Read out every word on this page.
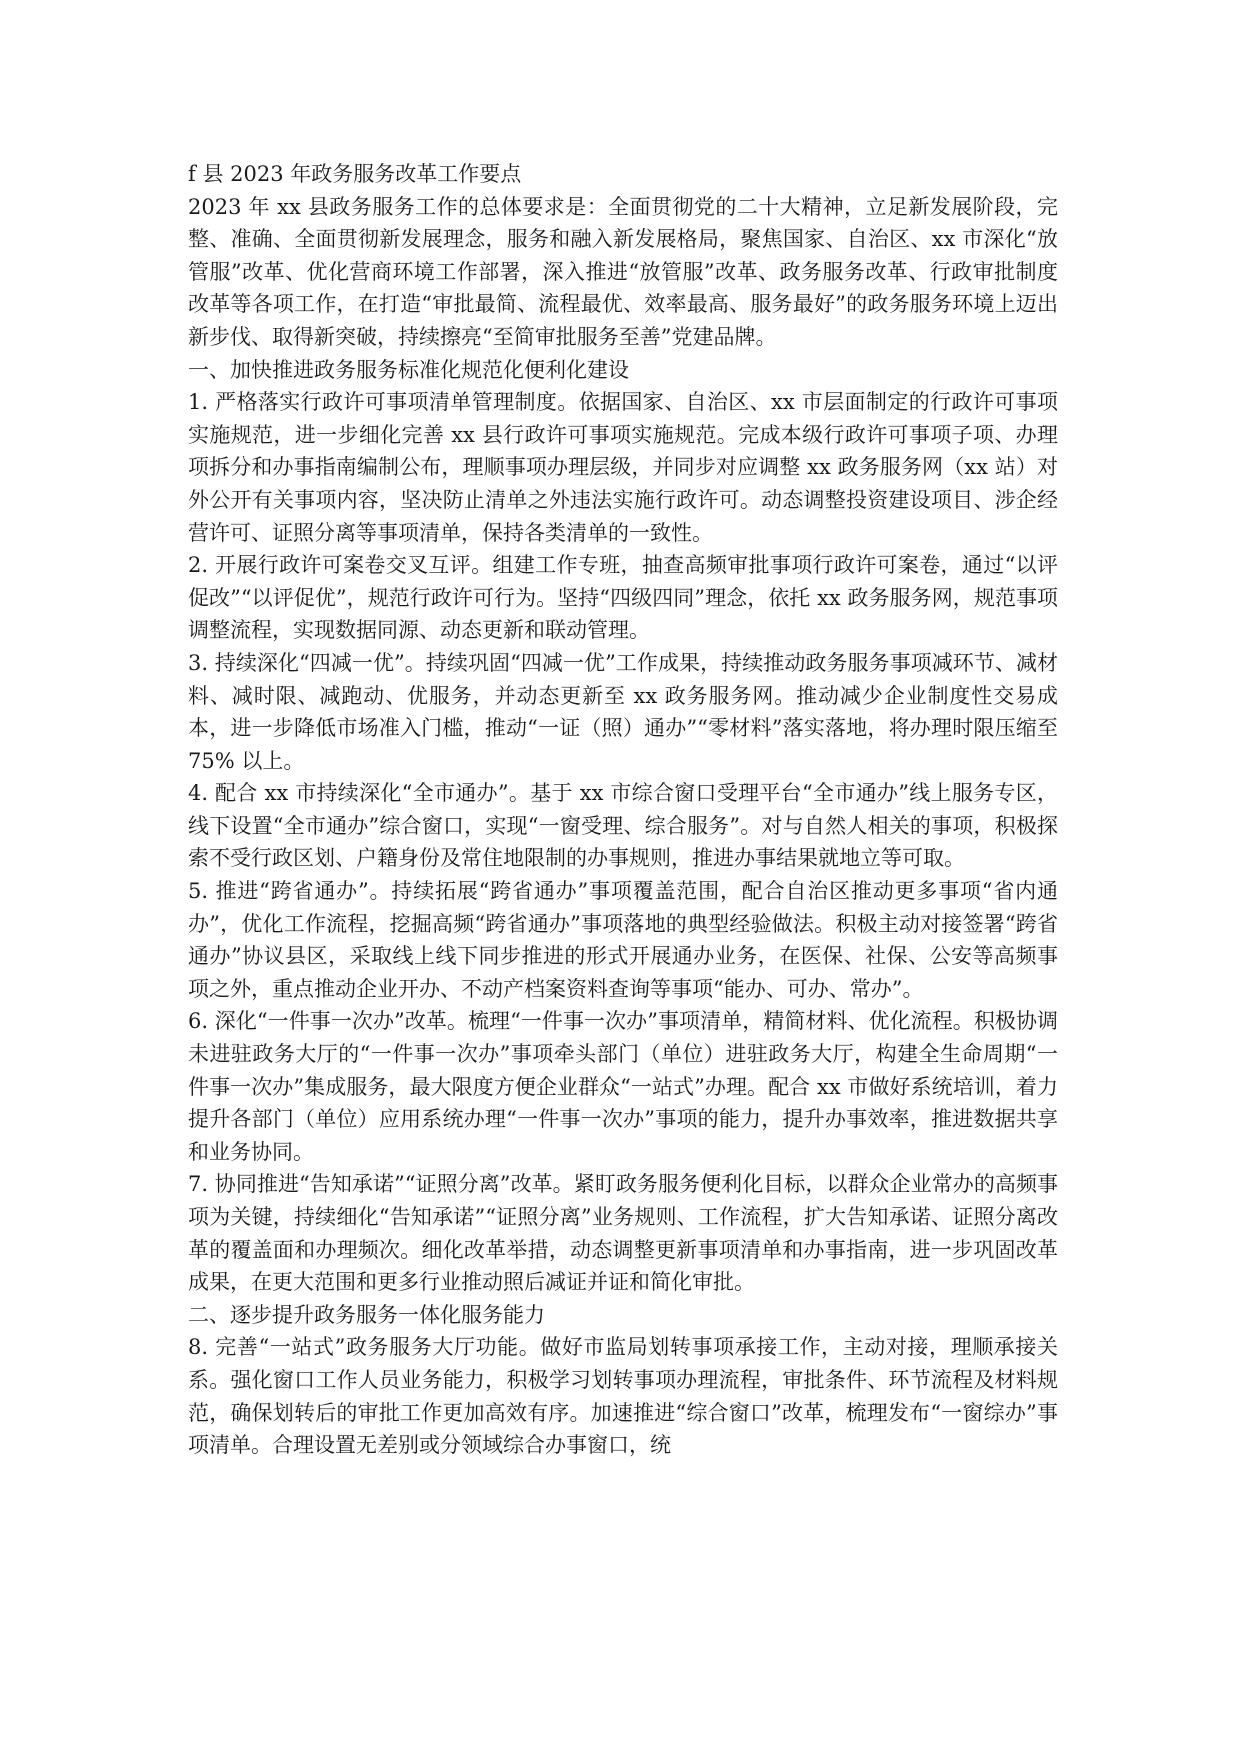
f 县 2023 年政务服务改革工作要点

2023 年 xx 县政务服务工作的总体要求是：全面贯彻党的二十大精神，立足新发展阶段，完整、准确、全面贯彻新发展理念，服务和融入新发展格局，聚焦国家、自治区、xx 市深化“放管服”改革、优化营商环境工作部署，深入推进“放管服”改革、政务服务改革、行政审批制度改革等各项工作，在打造“审批最简、流程最优、效率最高、服务最好”的政务服务环境上迈出新步伐、取得新突破，持续擦亮“至简审批服务至善”党建品牌。

一、加快推进政务服务标准化规范化便利化建设

1. 严格落实行政许可事项清单管理制度。依据国家、自治区、xx 市层面制定的行政许可事项实施规范，进一步细化完善 xx 县行政许可事项实施规范。完成本级行政许可事项子项、办理项拆分和办事指南编制公布，理顺事项办理层级，并同步对应调整 xx 政务服务网（xx 站）对外公开有关事项内容，坚决防止清单之外违法实施行政许可。动态调整投资建设项目、涉企经营许可、证照分离等事项清单，保持各类清单的一致性。

2. 开展行政许可案卷交叉互评。组建工作专班，抽查高频审批事项行政许可案卷，通过“以评促改”“以评促优”，规范行政许可行为。坚持“四级四同”理念，依托 xx 政务服务网，规范事项调整流程，实现数据同源、动态更新和联动管理。

3. 持续深化“四减一优”。持续巩固“四减一优”工作成果，持续推动政务服务事项减环节、减材料、减时限、减跑动、优服务，并动态更新至 xx 政务服务网。推动减少企业制度性交易成本，进一步降低市场准入门槛，推动“一证（照）通办”“零材料”落实落地，将办理时限压缩至 75% 以上。

4. 配合 xx 市持续深化“全市通办”。基于 xx 市综合窗口受理平台“全市通办”线上服务专区，线下设置“全市通办”综合窗口，实现“一窗受理、综合服务”。对与自然人相关的事项，积极探索不受行政区划、户籍身份及常住地限制的办事规则，推进办事结果就地立等可取。

5. 推进“跨省通办”。持续拓展“跨省通办”事项覆盖范围，配合自治区推动更多事项“省内通办”，优化工作流程，挖掘高频“跨省通办”事项落地的典型经验做法。积极主动对接签署“跨省通办”协议县区，采取线上线下同步推进的形式开展通办业务，在医保、社保、公安等高频事项之外，重点推动企业开办、不动产档案资料查询等事项“能办、可办、常办”。

6. 深化“一件事一次办”改革。梳理“一件事一次办”事项清单，精简材料、优化流程。积极协调未进驻政务大厅的“一件事一次办”事项牵头部门（单位）进驻政务大厅，构建全生命周期“一件事一次办”集成服务，最大限度方便企业群众“一站式”办理。配合 xx 市做好系统培训，着力提升各部门（单位）应用系统办理“一件事一次办”事项的能力，提升办事效率，推进数据共享和业务协同。

7. 协同推进“告知承诺”“证照分离”改革。紧盯政务服务便利化目标，以群众企业常办的高频事项为关键，持续细化“告知承诺”“证照分离”业务规则、工作流程，扩大告知承诺、证照分离改革的覆盖面和办理频次。细化改革举措，动态调整更新事项清单和办事指南，进一步巩固改革成果，在更大范围和更多行业推动照后减证并证和简化审批。

二、逐步提升政务服务一体化服务能力

8. 完善“一站式”政务服务大厅功能。做好市监局划转事项承接工作，主动对接，理顺承接关系。强化窗口工作人员业务能力，积极学习划转事项办理流程，审批条件、环节流程及材料规范，确保划转后的审批工作更加高效有序。加速推进“综合窗口”改革，梳理发布“一窗综办”事项清单。合理设置无差别或分领域综合办事窗口，统
